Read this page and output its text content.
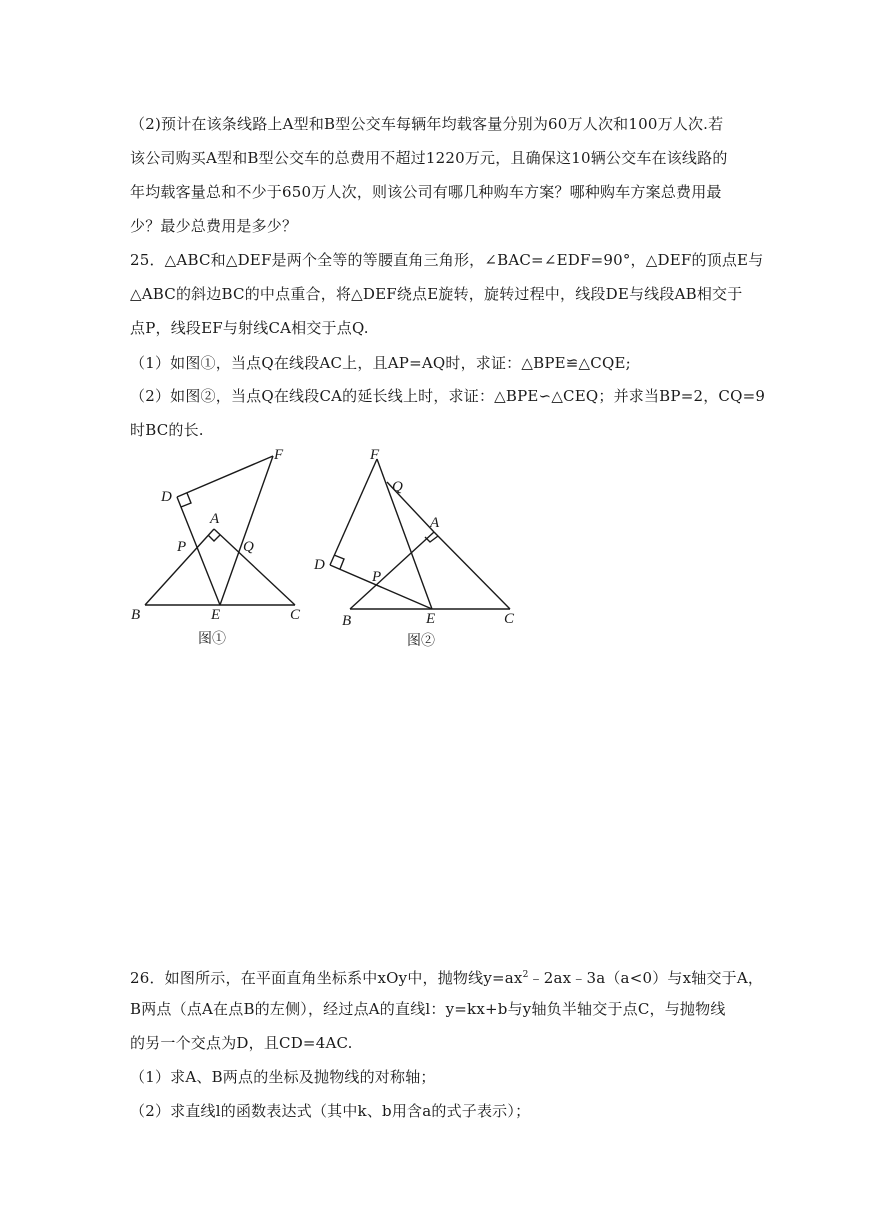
（2)预计在该条线路上A型和B型公交车每辆年均载客量分别为60万人次和100万人次.若
该公司购买A型和B型公交车的总费用不超过1220万元，且确保这10辆公交车在该线路的
年均载客量总和不少于650万人次，则该公司有哪几种购车方案？哪种购车方案总费用最
少？最少总费用是多少？
25．△ABC和△DEF是两个全等的等腰直角三角形，∠BAC=∠EDF=90°，△DEF的顶点E与
△ABC的斜边BC的中点重合，将△DEF绕点E旋转，旋转过程中，线段DE与线段AB相交于
点P，线段EF与射线CA相交于点Q.
（1）如图①，当点Q在线段AC上，且AP=AQ时，求证：△BPE≌△CQE;
（2）如图②，当点Q在线段CA的延长线上时，求证：△BPE∽△CEQ；并求当BP=2，CQ=9
时BC的长.
F
D
A
P	Q
B	E	C
图①
F
Q
A
D
P
B	E	C
图②
26．如图所示，在平面直角坐标系中xOy中，抛物线$y=ax^2﹣2ax﹣3a(a<0)$与x轴交于A，
B两点（点A在点B的左侧），经过点A的直线l：y=kx+b与y轴负半轴交于点C，与抛物线
的另一个交点为D，且CD=4AC.
（1）求A、B两点的坐标及抛物线的对称轴；
（2）求直线l的函数表达式（其中k、b用含a的式子表示）；
